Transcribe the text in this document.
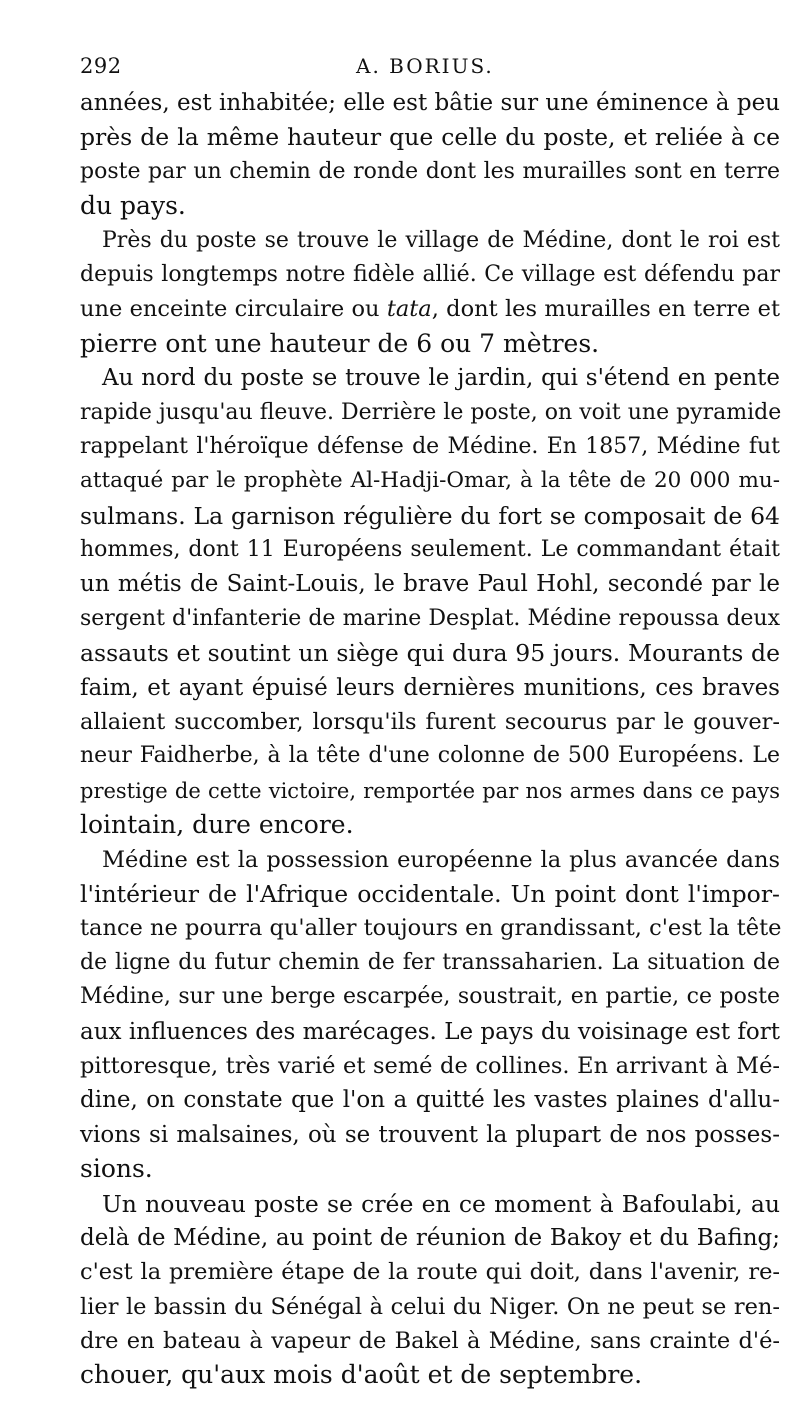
292	A. BORIUS.
années, est inhabitée; elle est bâtie sur une éminence à peu
près de la même hauteur que celle du poste, et reliée à ce
poste par un chemin de ronde dont les murailles sont en terre
du pays.
Près du poste se trouve le village de Médine, dont le roi est
depuis longtemps notre fidèle allié. Ce village est défendu par
une enceinte circulaire ou tata, dont les murailles en terre et
pierre ont une hauteur de 6 ou 7 mètres.
Au nord du poste se trouve le jardin, qui s'étend en pente
rapide jusqu'au fleuve. Derrière le poste, on voit une pyramide
rappelant l'héroïque défense de Médine. En 1857, Médine fut
attaqué par le prophète Al-Hadji-Omar, à la tête de 20 000 mu-
sulmans. La garnison régulière du fort se composait de 64
hommes, dont 11 Européens seulement. Le commandant était
un métis de Saint-Louis, le brave Paul Hohl, secondé par le
sergent d'infanterie de marine Desplat. Médine repoussa deux
assauts et soutint un siège qui dura 95 jours. Mourants de
faim, et ayant épuisé leurs dernières munitions, ces braves
allaient succomber, lorsqu'ils furent secourus par le gouver-
neur Faidherbe, à la tête d'une colonne de 500 Européens. Le
prestige de cette victoire, remportée par nos armes dans ce pays
lointain, dure encore.
Médine est la possession européenne la plus avancée dans
l'intérieur de l'Afrique occidentale. Un point dont l'impor-
tance ne pourra qu'aller toujours en grandissant, c'est la tête
de ligne du futur chemin de fer transsaharien. La situation de
Médine, sur une berge escarpée, soustrait, en partie, ce poste
aux influences des marécages. Le pays du voisinage est fort
pittoresque, très varié et semé de collines. En arrivant à Mé-
dine, on constate que l'on a quitté les vastes plaines d'allu-
vions si malsaines, où se trouvent la plupart de nos posses-
sions.
Un nouveau poste se crée en ce moment à Bafoulabi, au
delà de Médine, au point de réunion de Bakoy et du Bafing;
c'est la première étape de la route qui doit, dans l'avenir, re-
lier le bassin du Sénégal à celui du Niger. On ne peut se ren-
dre en bateau à vapeur de Bakel à Médine, sans crainte d'é-
chouer, qu'aux mois d'août et de septembre.
